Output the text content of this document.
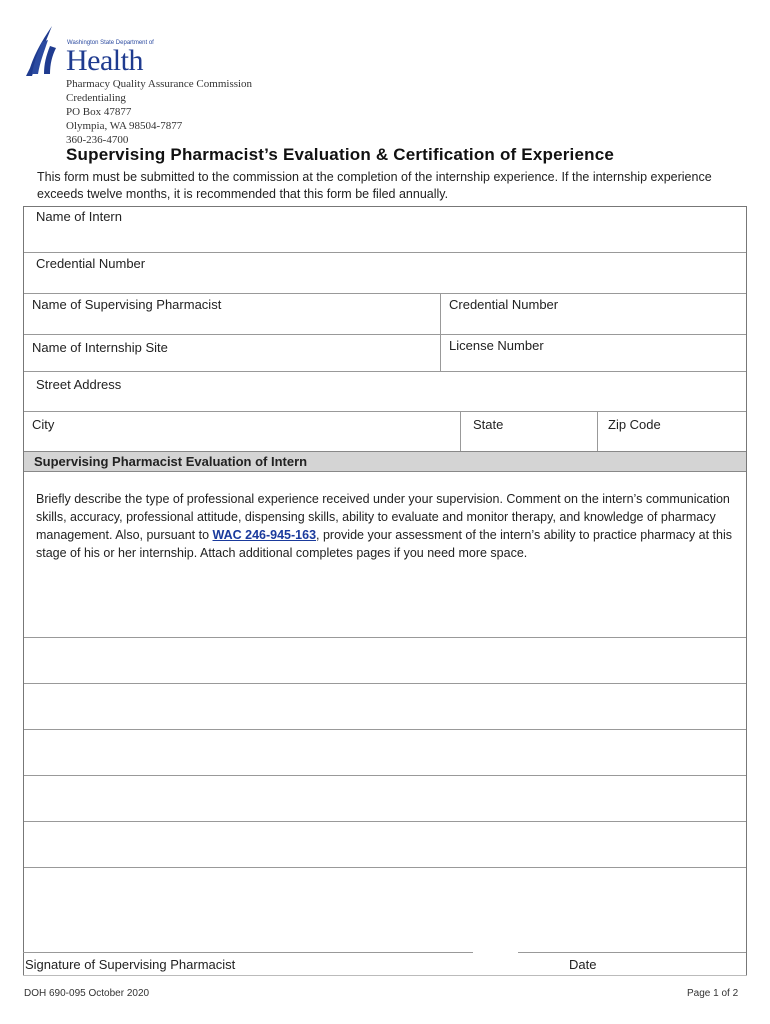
Washington State Department of
Health
Pharmacy Quality Assurance Commission
Credentialing
PO Box 47877
Olympia, WA 98504-7877
360-236-4700
Supervising Pharmacist’s Evaluation & Certification of Experience
This form must be submitted to the commission at the completion of the internship experience. If the internship experience exceeds twelve months, it is recommended that this form be filed annually.
Name of Intern
Credential Number
Name of Supervising Pharmacist	Credential Number
Name of Internship Site	License Number
Street Address
City	State	Zip Code
Supervising Pharmacist Evaluation of Intern
Briefly describe the type of professional experience received under your supervision. Comment on the intern’s communication skills, accuracy, professional attitude, dispensing skills, ability to evaluate and monitor therapy, and knowledge of pharmacy management. Also, pursuant to WAC 246-945-163, provide your assessment of the intern’s ability to practice pharmacy at this stage of his or her internship. Attach additional completes pages if you need more space.
Signature of Supervising Pharmacist	Date
DOH 690-095 October 2020	Page 1 of 2
